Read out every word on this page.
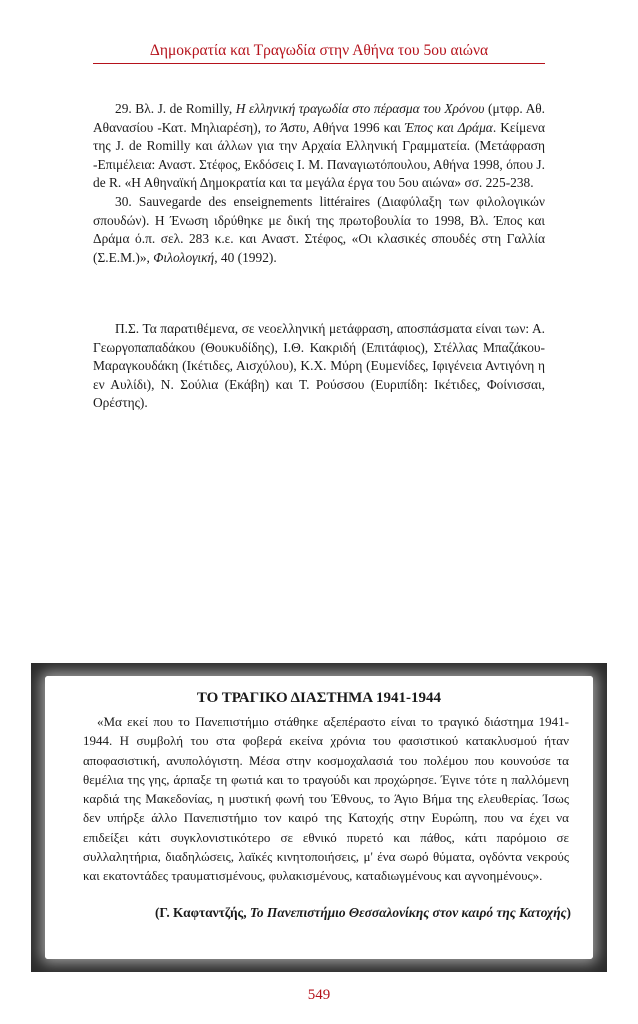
Δημοκρατία και Τραγωδία στην Αθήνα του 5ου αιώνα

29. Βλ. J. de Romilly, Η ελληνική τραγωδία στο πέρασμα του Χρόνου (μτφρ. Αθ. Αθανασίου -Κατ. Μηλιαρέση), το Άστυ, Αθήνα 1996 και Έπος και Δράμα. Κείμενα της J. de Romilly και άλλων για την Αρχαία Ελληνική Γραμματεία. (Μετάφραση -Επιμέλεια: Αναστ. Στέφος, Εκδόσεις Ι. Μ. Παναγιωτόπουλου, Αθήνα 1998, όπου J. de R. «Η Αθηναϊκή Δημοκρατία και τα μεγάλα έργα του 5ου αιώνα» σσ. 225-238.

30. Sauvegarde des enseignements littéraires (Διαφύλαξη των φιλολογικών σπουδών). Η Ένωση ιδρύθηκε με δική της πρωτοβουλία το 1998, Βλ. Έπος και Δράμα ό.π. σελ. 283 κ.ε. και Αναστ. Στέφος, «Οι κλασικές σπουδές στη Γαλλία (Σ.Ε.Μ.)», Φιλολογική, 40 (1992).

Π.Σ. Τα παρατιθέμενα, σε νεοελληνική μετάφραση, αποσπάσματα είναι των: Α. Γεωργοπαπαδάκου (Θουκυδίδης), Ι.Θ. Κακριδή (Επιτάφιος), Στέλλας Μπαζάκου-Μαραγκουδάκη (Ικέτιδες, Αισχύλου), Κ.Χ. Μύρη (Ευμενίδες, Ιφιγένεια Αντιγόνη η εν Αυλίδι), Ν. Σούλια (Εκάβη) και Τ. Ρούσσου (Ευριπίδη: Ικέτιδες, Φοίνισσαι, Ορέστης).

ΤΟ ΤΡΑΓΙΚΟ ΔΙΑΣΤΗΜΑ 1941-1944

«Μα εκεί που το Πανεπιστήμιο στάθηκε αξεπέραστο είναι το τραγικό διάστημα 1941-1944. Η συμβολή του στα φοβερά εκείνα χρόνια του φασιστικού κατακλυσμού ήταν αποφασιστική, ανυπολόγιστη. Μέσα στην κοσμοχαλασιά του πολέμου που κουνούσε τα θεμέλια της γης, άρπαξε τη φωτιά και το τραγούδι και προχώρησε. Έγινε τότε η παλλόμενη καρδιά της Μακεδονίας, η μυστική φωνή του Έθνους, το Άγιο Βήμα της ελευθερίας. Ίσως δεν υπήρξε άλλο Πανεπιστήμιο τον καιρό της Κατοχής στην Ευρώπη, που να έχει να επιδείξει κάτι συγκλονιστικότερο σε εθνικό πυρετό και πάθος, κάτι παρόμοιο σε συλλαλητήρια, διαδηλώσεις, λαϊκές κινητοποιήσεις, μ' ένα σωρό θύματα, ογδόντα νεκρούς και εκατοντάδες τραυματισμένους, φυλακισμένους, καταδιωγμένους και αγνοημένους».

(Γ. Καφταντζής, Το Πανεπιστήμιο Θεσσαλονίκης στον καιρό της Κατοχής)

549
